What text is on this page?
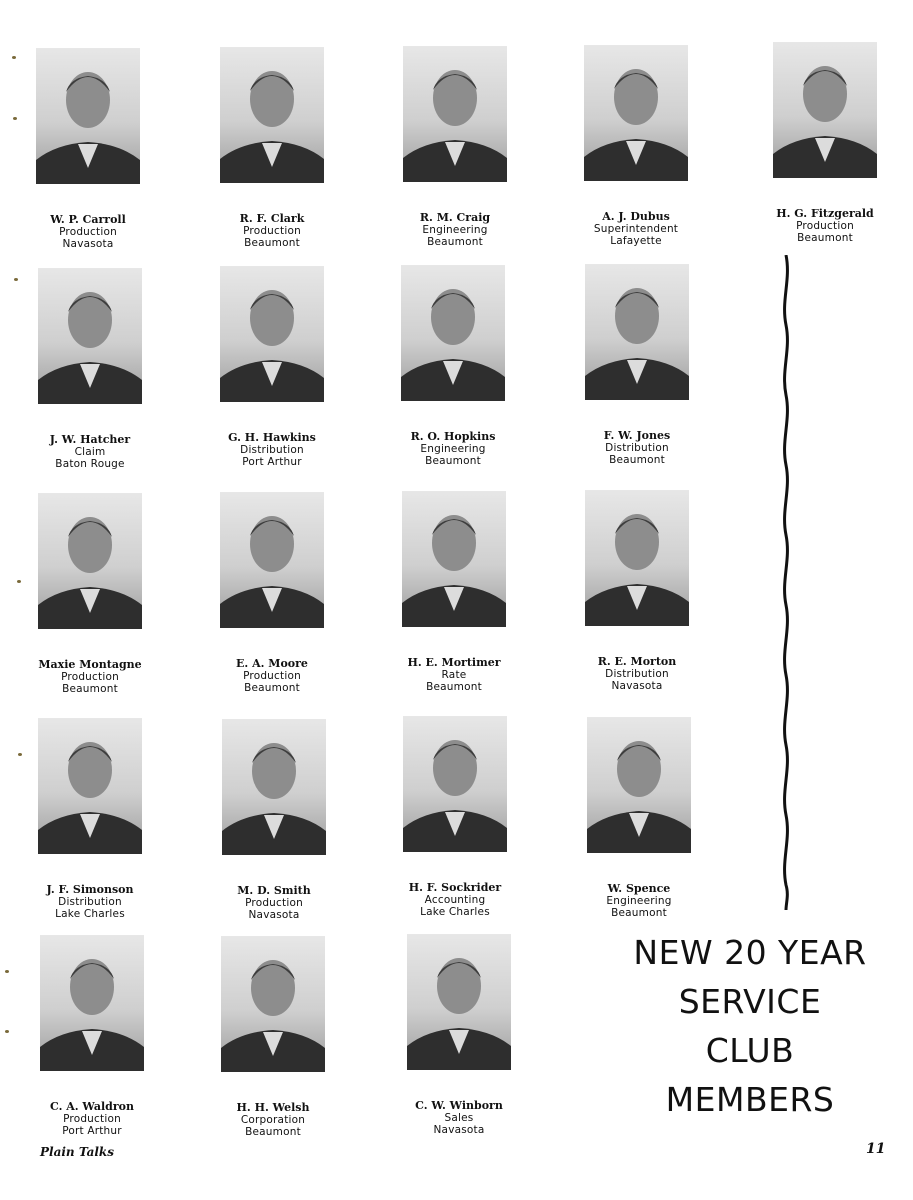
W. P. Carroll
Production
Navasota
R. F. Clark
Production
Beaumont
R. M. Craig
Engineering
Beaumont
A. J. Dubus
Superintendent
Lafayette
H. G. Fitzgerald
Production
Beaumont
J. W. Hatcher
Claim
Baton Rouge
G. H. Hawkins
Distribution
Port Arthur
R. O. Hopkins
Engineering
Beaumont
F. W. Jones
Distribution
Beaumont
Maxie Montagne
Production
Beaumont
E. A. Moore
Production
Beaumont
H. E. Mortimer
Rate
Beaumont
R. E. Morton
Distribution
Navasota
J. F. Simonson
Distribution
Lake Charles
M. D. Smith
Production
Navasota
H. F. Sockrider
Accounting
Lake Charles
W. Spence
Engineering
Beaumont
C. A. Waldron
Production
Port Arthur
H. H. Welsh
Corporation
Beaumont
C. W. Winborn
Sales
Navasota
NEW 20 YEAR
SERVICE
CLUB
MEMBERS
Plain Talks	11
